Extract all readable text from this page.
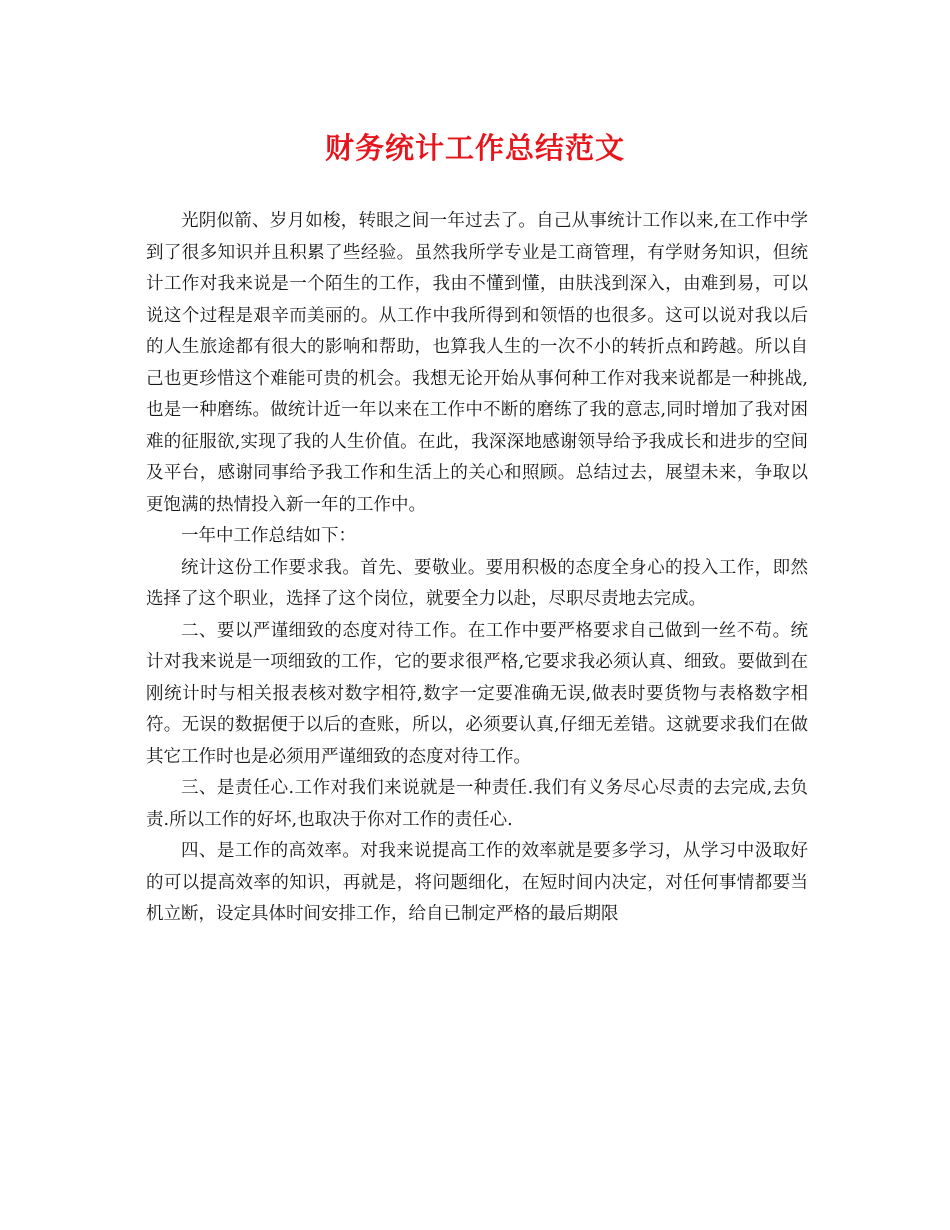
财务统计工作总结范文

光阴似箭、岁月如梭，转眼之间一年过去了。自己从事统计工作以来,在工作中学到了很多知识并且积累了些经验。虽然我所学专业是工商管理，有学财务知识，但统计工作对我来说是一个陌生的工作，我由不懂到懂，由肤浅到深入，由难到易，可以说这个过程是艰辛而美丽的。从工作中我所得到和领悟的也很多。这可以说对我以后的人生旅途都有很大的影响和帮助，也算我人生的一次不小的转折点和跨越。所以自己也更珍惜这个难能可贵的机会。我想无论开始从事何种工作对我来说都是一种挑战,也是一种磨练。做统计近一年以来在工作中不断的磨练了我的意志,同时增加了我对困难的征服欲,实现了我的人生价值。在此，我深深地感谢领导给予我成长和进步的空间及平台，感谢同事给予我工作和生活上的关心和照顾。总结过去，展望未来，争取以更饱满的热情投入新一年的工作中。

一年中工作总结如下：

统计这份工作要求我。首先、要敬业。要用积极的态度全身心的投入工作，即然选择了这个职业，选择了这个岗位，就要全力以赴，尽职尽责地去完成。

二、要以严谨细致的态度对待工作。在工作中要严格要求自己做到一丝不苟。统计对我来说是一项细致的工作，它的要求很严格,它要求我必须认真、细致。要做到在刚统计时与相关报表核对数字相符,数字一定要准确无误,做表时要货物与表格数字相符。无误的数据便于以后的查账，所以，必须要认真,仔细无差错。这就要求我们在做其它工作时也是必须用严谨细致的态度对待工作。

三、是责任心.工作对我们来说就是一种责任.我们有义务尽心尽责的去完成,去负责.所以工作的好坏,也取决于你对工作的责任心.

四、是工作的高效率。对我来说提高工作的效率就是要多学习，从学习中汲取好的可以提高效率的知识，再就是，将问题细化，在短时间内决定，对任何事情都要当机立断，设定具体时间安排工作，给自已制定严格的最后期限
